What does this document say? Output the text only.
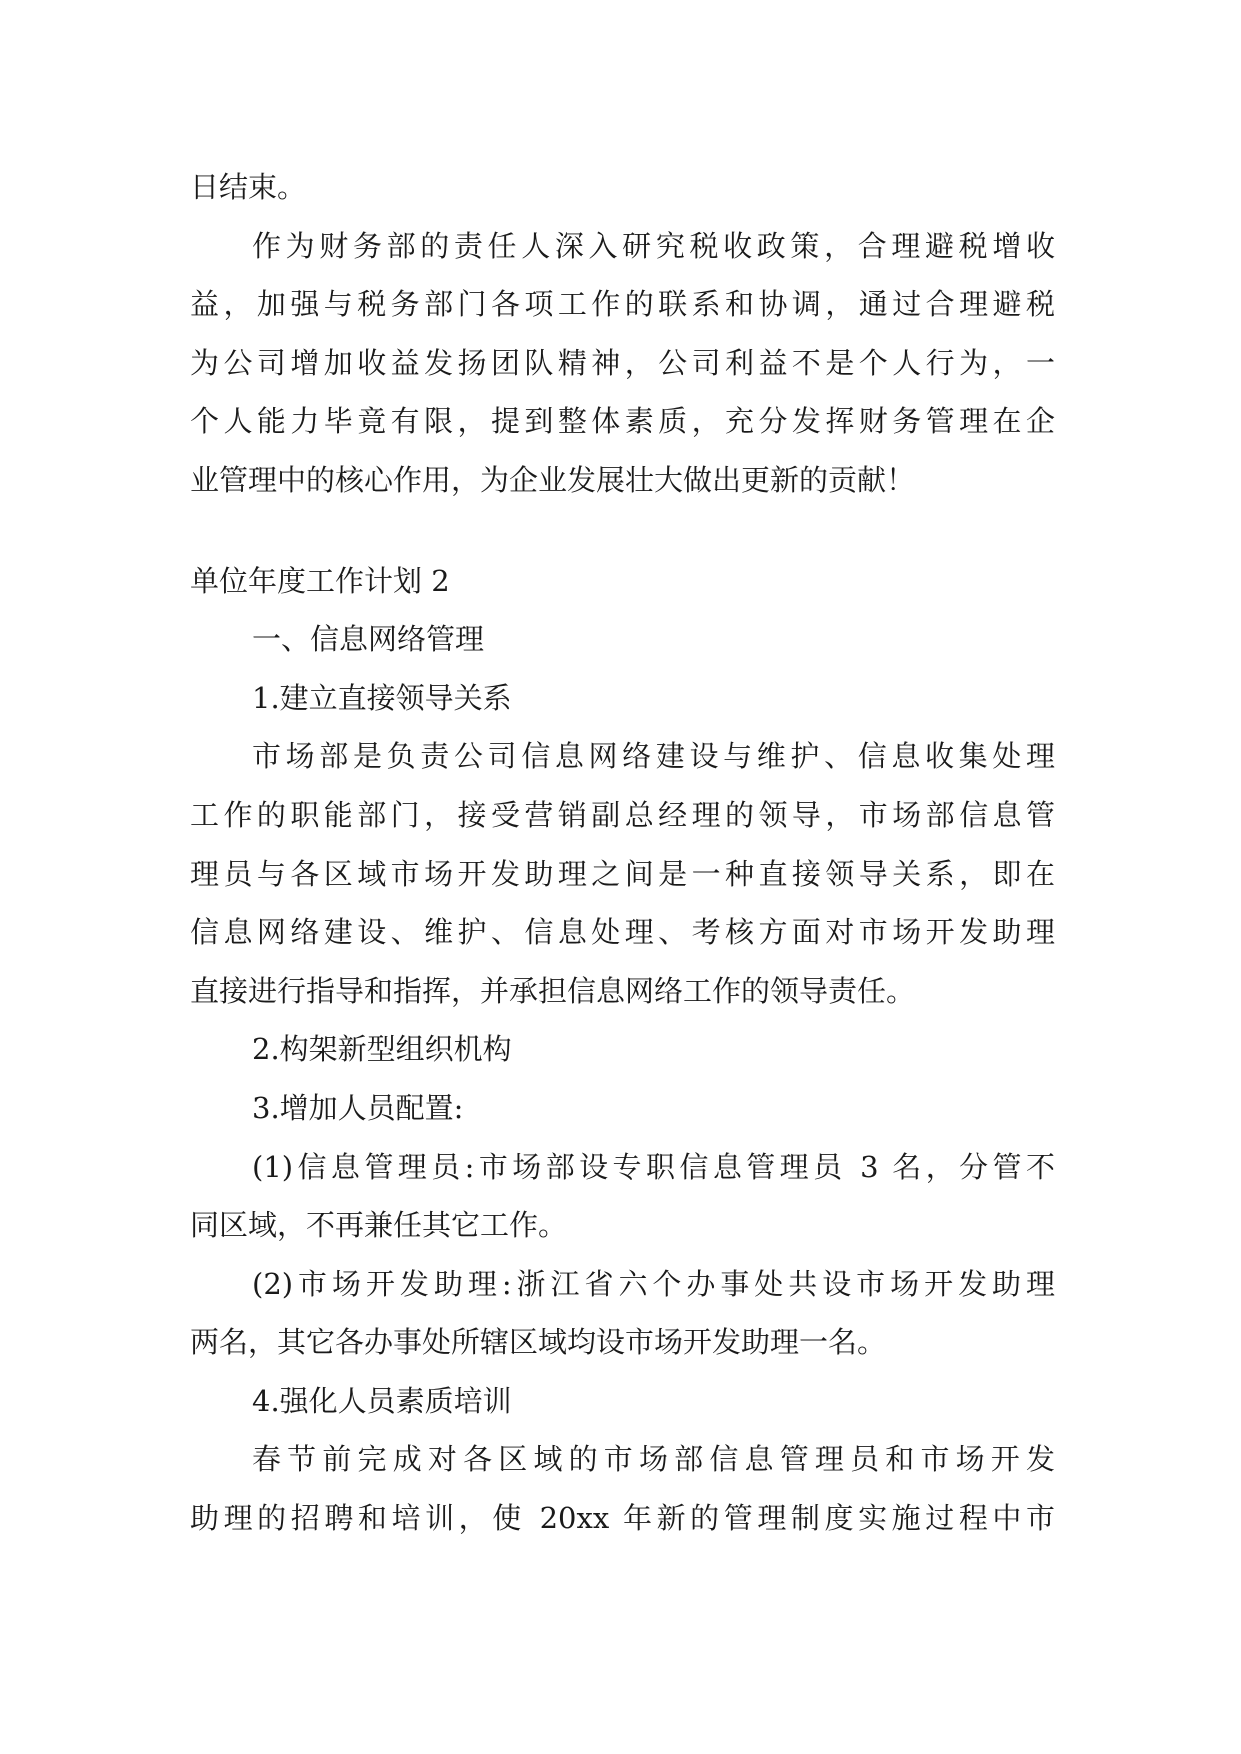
日结束。
作为财务部的责任人深入研究税收政策，合理避税增收
益，加强与税务部门各项工作的联系和协调，通过合理避税
为公司增加收益发扬团队精神，公司利益不是个人行为，一
个人能力毕竟有限，提到整体素质，充分发挥财务管理在企
业管理中的核心作用，为企业发展壮大做出更新的贡献！
单位年度工作计划 2
一、信息网络管理
1.建立直接领导关系
市场部是负责公司信息网络建设与维护、信息收集处理
工作的职能部门，接受营销副总经理的领导，市场部信息管
理员与各区域市场开发助理之间是一种直接领导关系，即在
信息网络建设、维护、信息处理、考核方面对市场开发助理
直接进行指导和指挥，并承担信息网络工作的领导责任。
2.构架新型组织机构
3.增加人员配置:
(1)信息管理员:市场部设专职信息管理员 3 名，分管不
同区域，不再兼任其它工作。
(2)市场开发助理:浙江省六个办事处共设市场开发助理
两名，其它各办事处所辖区域均设市场开发助理一名。
4.强化人员素质培训
春节前完成对各区域的市场部信息管理员和市场开发
助理的招聘和培训，使 20xx 年新的管理制度实施过程中市
